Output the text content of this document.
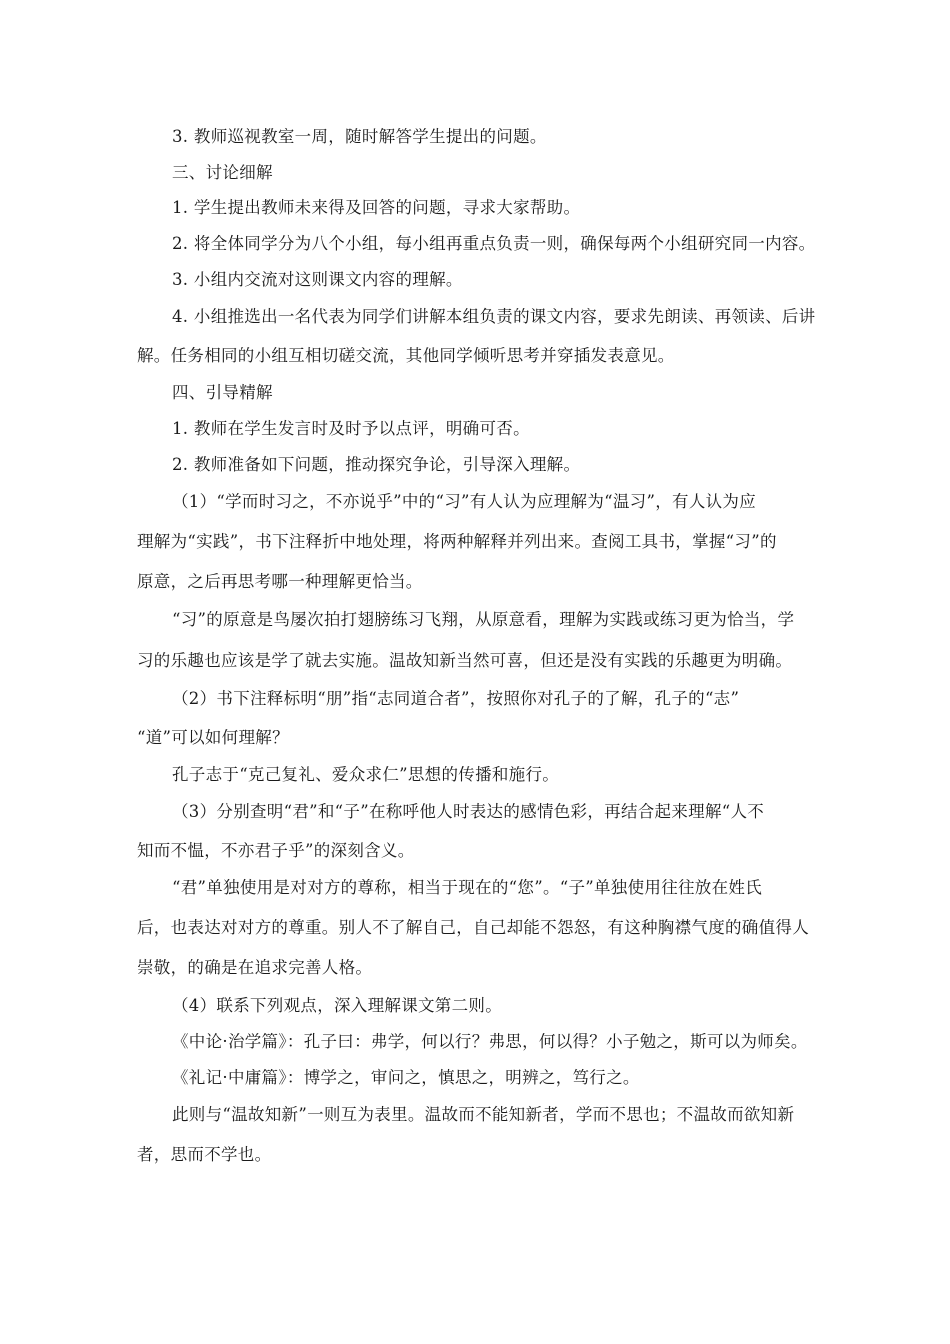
3. 教师巡视教室一周，随时解答学生提出的问题。
三、讨论细解
1. 学生提出教师未来得及回答的问题，寻求大家帮助。
2. 将全体同学分为八个小组，每小组再重点负责一则，确保每两个小组研究同一内容。
3. 小组内交流对这则课文内容的理解。
4. 小组推选出一名代表为同学们讲解本组负责的课文内容，要求先朗读、再领读、后讲
解。任务相同的小组互相切磋交流，其他同学倾听思考并穿插发表意见。
四、引导精解
1. 教师在学生发言时及时予以点评，明确可否。
2. 教师准备如下问题，推动探究争论，引导深入理解。
（1）“学而时习之，不亦说乎”中的“习”有人认为应理解为“温习”，有人认为应
理解为“实践”，书下注释折中地处理，将两种解释并列出来。查阅工具书，掌握“习”的
原意，之后再思考哪一种理解更恰当。
“习”的原意是鸟屡次拍打翅膀练习飞翔，从原意看，理解为实践或练习更为恰当，学
习的乐趣也应该是学了就去实施。温故知新当然可喜，但还是没有实践的乐趣更为明确。
（2）书下注释标明“朋”指“志同道合者”，按照你对孔子的了解，孔子的“志”
“道”可以如何理解？
孔子志于“克己复礼、爱众求仁”思想的传播和施行。
（3）分别查明“君”和“子”在称呼他人时表达的感情色彩，再结合起来理解“人不
知而不愠，不亦君子乎”的深刻含义。
“君”单独使用是对对方的尊称，相当于现在的“您”。“子”单独使用往往放在姓氏
后，也表达对对方的尊重。别人不了解自己，自己却能不怨怒，有这种胸襟气度的确值得人
崇敬，的确是在追求完善人格。
（4）联系下列观点，深入理解课文第二则。
《中论·治学篇》：孔子曰：弗学，何以行？弗思，何以得？小子勉之，斯可以为师矣。
《礼记·中庸篇》：博学之，审问之，慎思之，明辨之，笃行之。
此则与“温故知新”一则互为表里。温故而不能知新者，学而不思也；不温故而欲知新
者，思而不学也。
